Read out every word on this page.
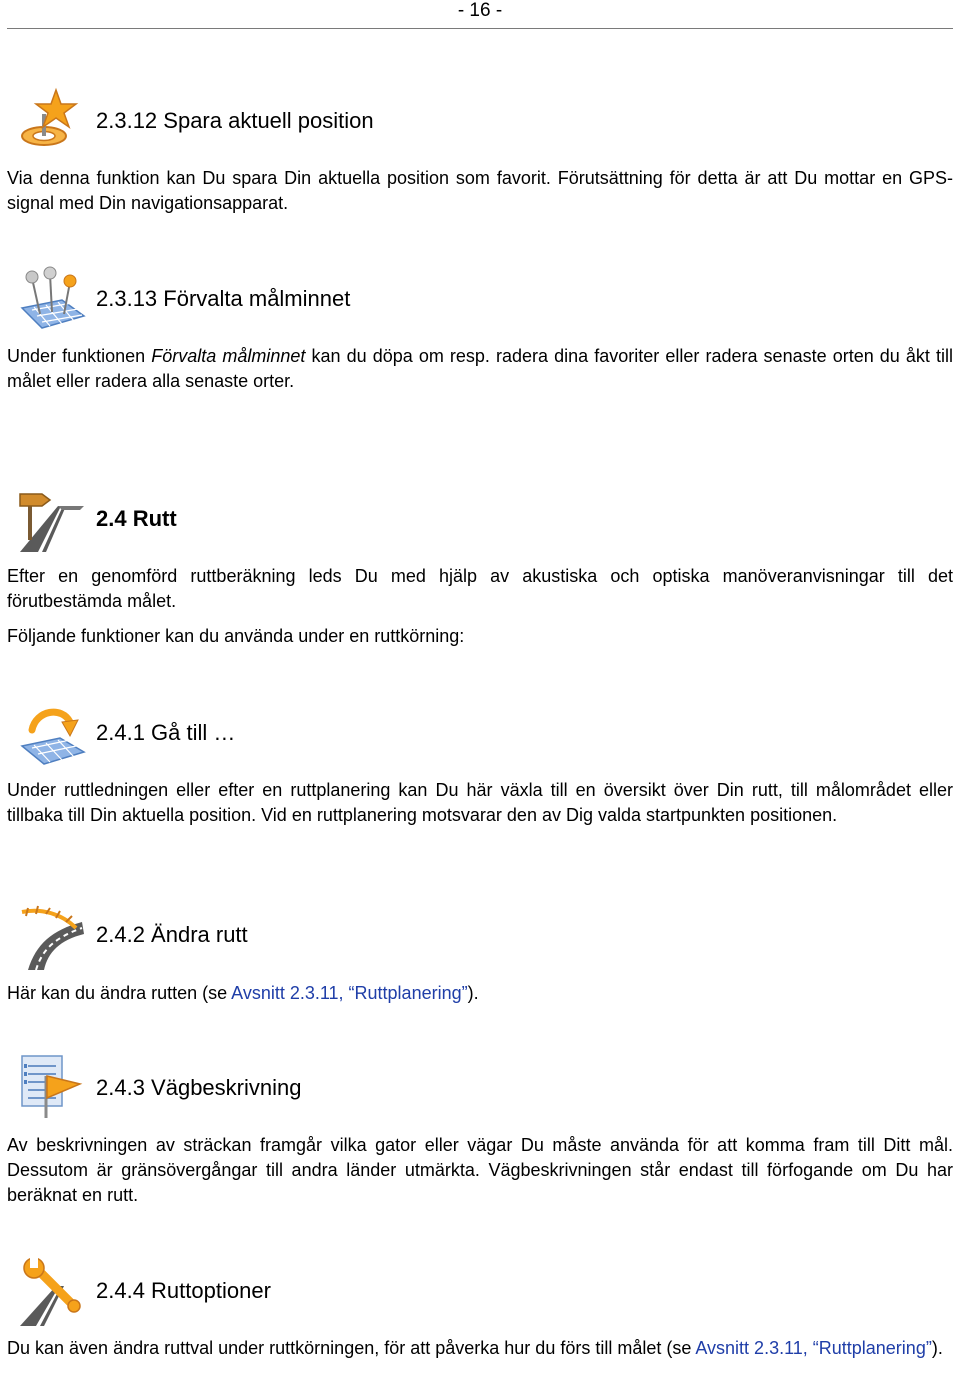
- 16 -
2.3.12 Spara aktuell position

Via denna funktion kan Du spara Din aktuella position som favorit. Förutsättning för detta är att Du mottar en GPS-signal med Din navigationsapparat.

2.3.13 Förvalta målminnet

Under funktionen Förvalta målminnet kan du döpa om resp. radera dina favoriter eller radera senaste orten du åkt till målet eller radera alla senaste orter.

2.4 Rutt

Efter en genomförd ruttberäkning leds Du med hjälp av akustiska och optiska manöveranvisningar till det förutbestämda målet.

Följande funktioner kan du använda under en ruttkörning:

2.4.1 Gå till …

Under ruttledningen eller efter en ruttplanering kan Du här växla till en översikt över Din rutt, till målområdet eller tillbaka till Din aktuella position. Vid en ruttplanering motsvarar den av Dig valda startpunkten positionen.

2.4.2 Ändra rutt

Här kan du ändra rutten (se Avsnitt 2.3.11, “Ruttplanering”).

2.4.3 Vägbeskrivning

Av beskrivningen av sträckan framgår vilka gator eller vägar Du måste använda för att komma fram till Ditt mål. Dessutom är gränsövergångar till andra länder utmärkta. Vägbeskrivningen står endast till förfogande om Du har beräknat en rutt.

2.4.4 Ruttoptioner

Du kan även ändra ruttval under ruttkörningen, för att påverka hur du förs till målet (se Avsnitt 2.3.11, “Ruttplanering”).
